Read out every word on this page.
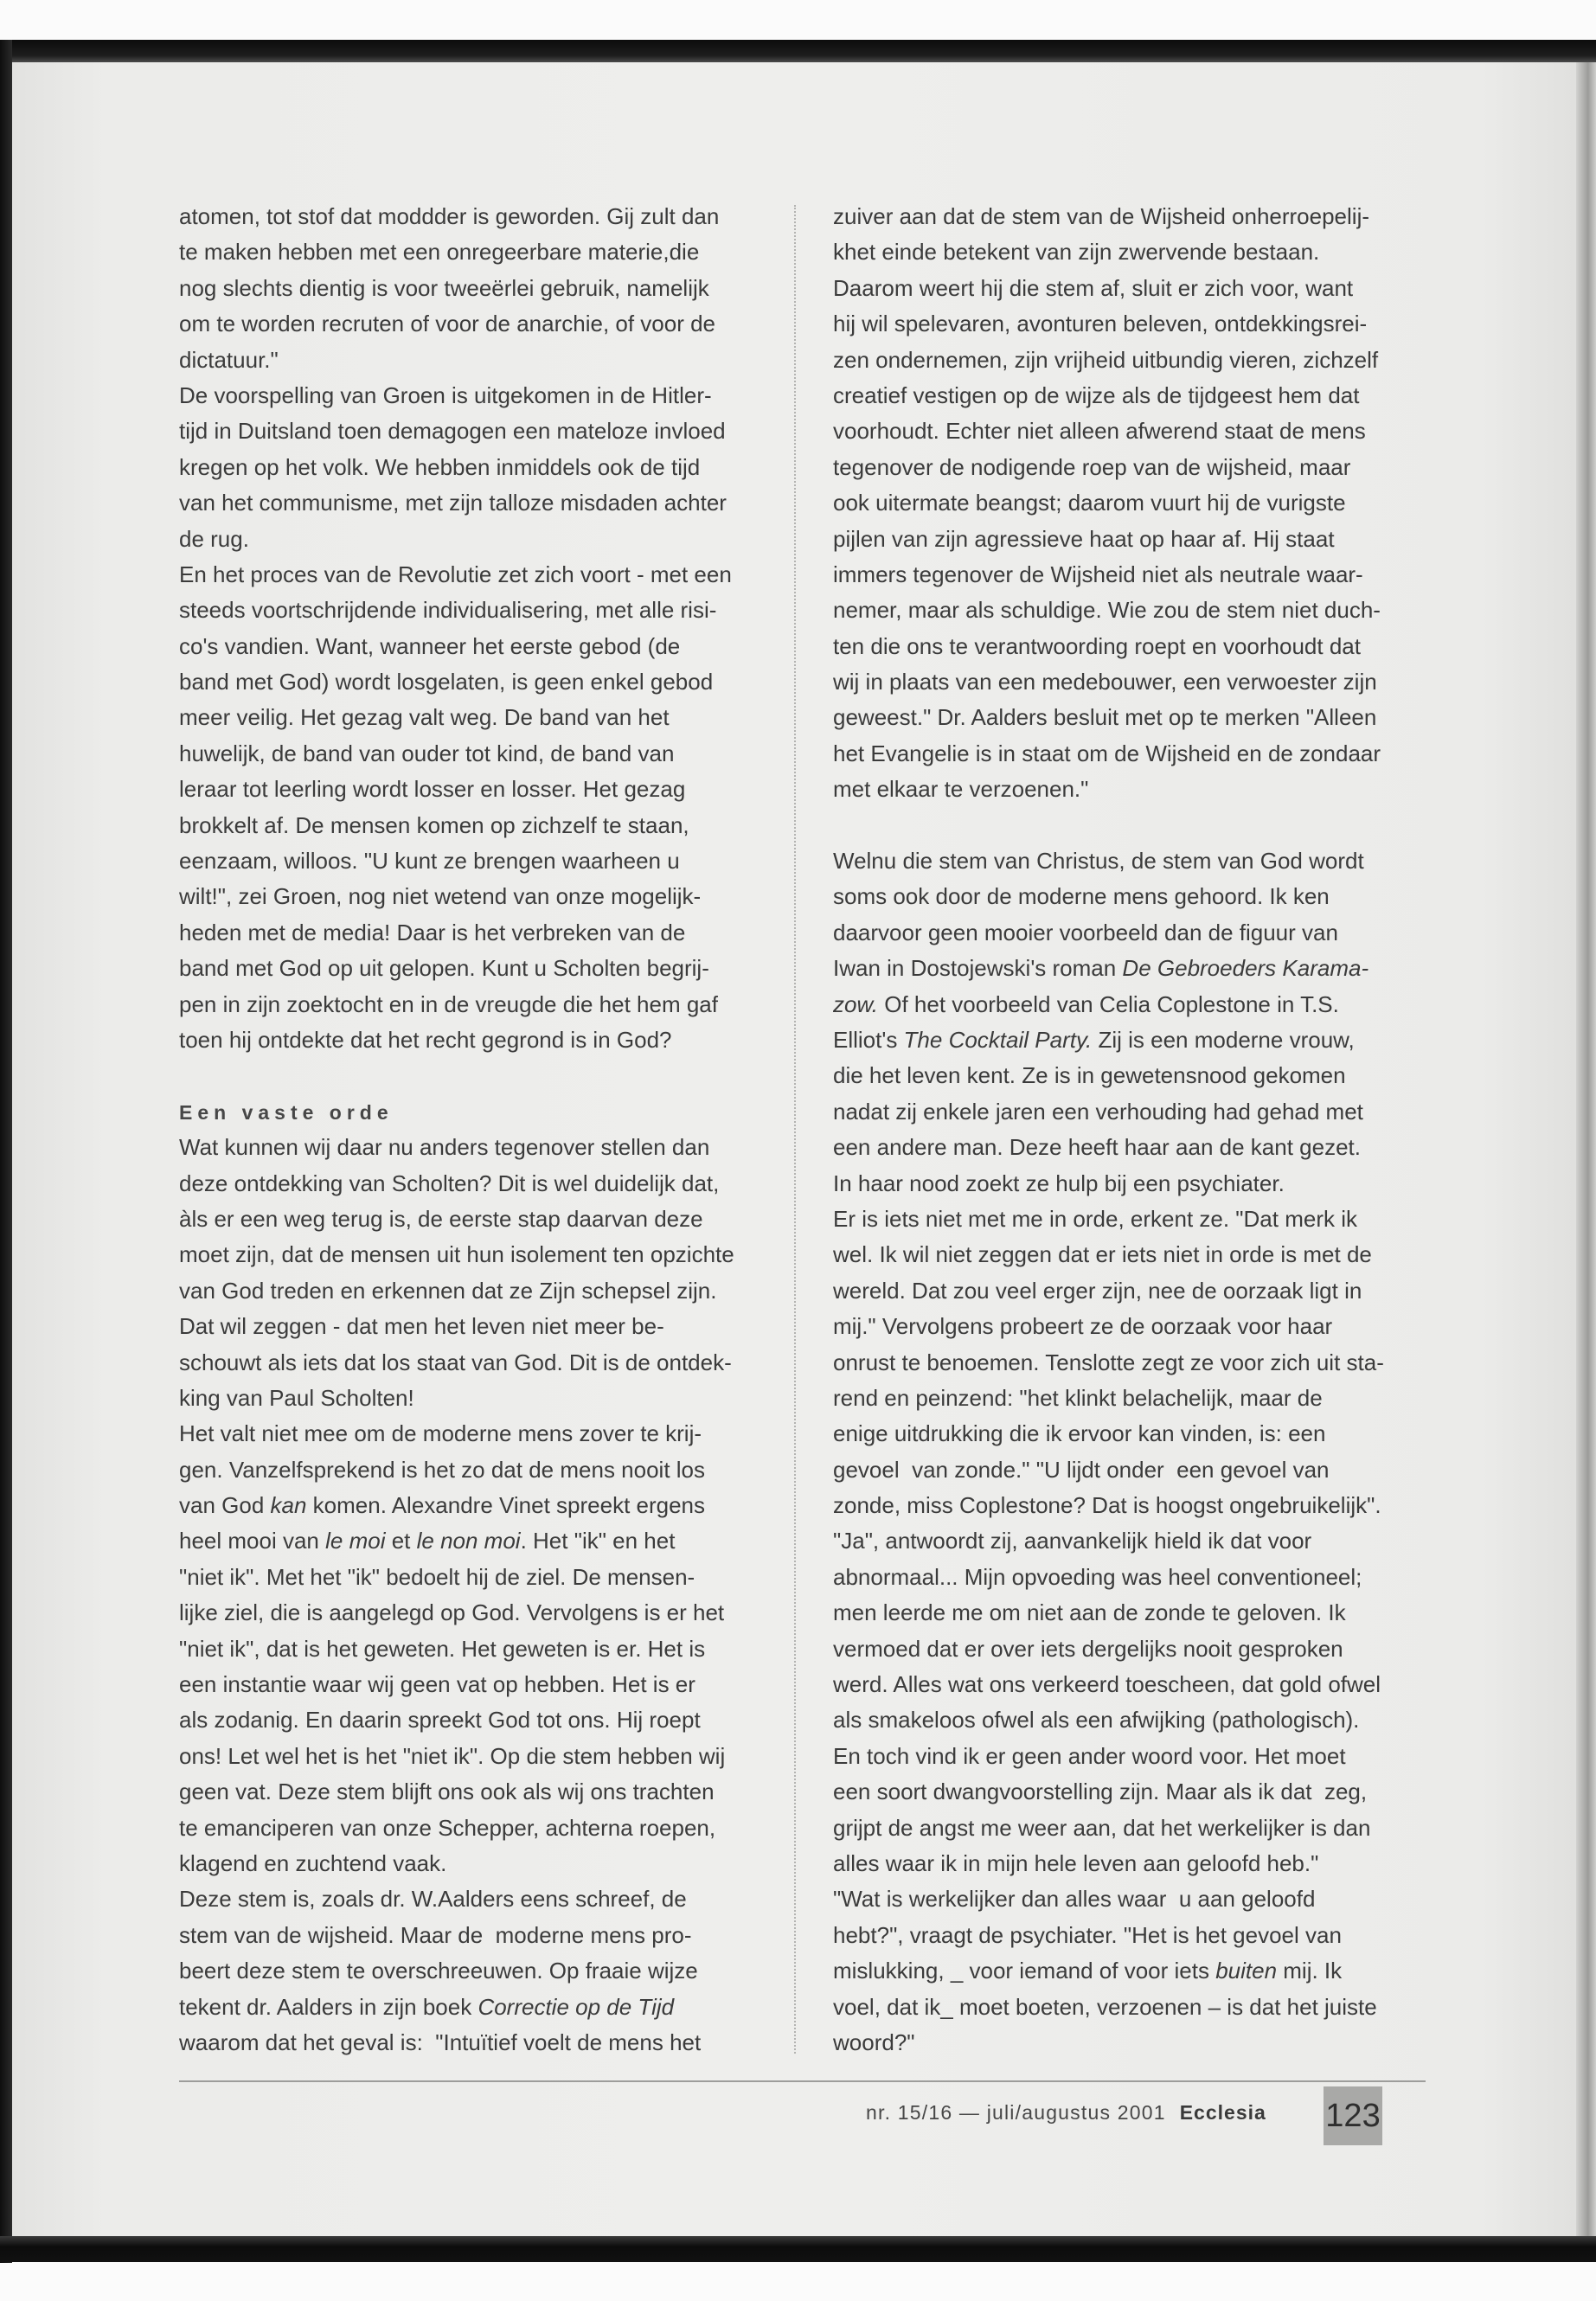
atomen, tot stof dat moddder is geworden. Gij zult dan
te maken hebben met een onregeerbare materie,die
nog slechts dientig is voor tweeërlei gebruik, namelijk
om te worden recruten of voor de anarchie, of voor de
dictatuur."
De voorspelling van Groen is uitgekomen in de Hitler-
tijd in Duitsland toen demagogen een mateloze invloed
kregen op het volk. We hebben inmiddels ook de tijd
van het communisme, met zijn talloze misdaden achter
de rug.
En het proces van de Revolutie zet zich voort - met een
steeds voortschrijdende individualisering, met alle risi-
co's vandien. Want, wanneer het eerste gebod (de
band met God) wordt losgelaten, is geen enkel gebod
meer veilig. Het gezag valt weg. De band van het
huwelijk, de band van ouder tot kind, de band van
leraar tot leerling wordt losser en losser. Het gezag
brokkelt af. De mensen komen op zichzelf te staan,
eenzaam, willoos. "U kunt ze brengen waarheen u
wilt!", zei Groen, nog niet wetend van onze mogelijk-
heden met de media! Daar is het verbreken van de
band met God op uit gelopen. Kunt u Scholten begrij-
pen in zijn zoektocht en in de vreugde die het hem gaf
toen hij ontdekte dat het recht gegrond is in God?
Een vaste orde
Wat kunnen wij daar nu anders tegenover stellen dan
deze ontdekking van Scholten? Dit is wel duidelijk dat,
àls er een weg terug is, de eerste stap daarvan deze
moet zijn, dat de mensen uit hun isolement ten opzichte
van God treden en erkennen dat ze Zijn schepsel zijn.
Dat wil zeggen - dat men het leven niet meer be-
schouwt als iets dat los staat van God. Dit is de ontdek-
king van Paul Scholten!
Het valt niet mee om de moderne mens zover te krij-
gen. Vanzelfsprekend is het zo dat de mens nooit los
van God kan komen. Alexandre Vinet spreekt ergens
heel mooi van le moi et le non moi. Het "ik" en het
"niet ik". Met het "ik" bedoelt hij de ziel. De mensen-
lijke ziel, die is aangelegd op God. Vervolgens is er het
"niet ik", dat is het geweten. Het geweten is er. Het is
een instantie waar wij geen vat op hebben. Het is er
als zodanig. En daarin spreekt God tot ons. Hij roept
ons! Let wel het is het "niet ik". Op die stem hebben wij
geen vat. Deze stem blijft ons ook als wij ons trachten
te emanciperen van onze Schepper, achterna roepen,
klagend en zuchtend vaak.
Deze stem is, zoals dr. W.Aalders eens schreef, de
stem van de wijsheid. Maar de  moderne mens pro-
beert deze stem te overschreeuwen. Op fraaie wijze
tekent dr. Aalders in zijn boek Correctie op de Tijd
waarom dat het geval is:  "Intuïtief voelt de mens het
zuiver aan dat de stem van de Wijsheid onherroepelij-
khet einde betekent van zijn zwervende bestaan.
Daarom weert hij die stem af, sluit er zich voor, want
hij wil spelevaren, avonturen beleven, ontdekkingsrei-
zen ondernemen, zijn vrijheid uitbundig vieren, zichzelf
creatief vestigen op de wijze als de tijdgeest hem dat
voorhoudt. Echter niet alleen afwerend staat de mens
tegenover de nodigende roep van de wijsheid, maar
ook uitermate beangst; daarom vuurt hij de vurigste
pijlen van zijn agressieve haat op haar af. Hij staat
immers tegenover de Wijsheid niet als neutrale waar-
nemer, maar als schuldige. Wie zou de stem niet duch-
ten die ons te verantwoording roept en voorhoudt dat
wij in plaats van een medebouwer, een verwoester zijn
geweest." Dr. Aalders besluit met op te merken "Alleen
het Evangelie is in staat om de Wijsheid en de zondaar
met elkaar te verzoenen."
Welnu die stem van Christus, de stem van God wordt
soms ook door de moderne mens gehoord. Ik ken
daarvoor geen mooier voorbeeld dan de figuur van
Iwan in Dostojewski's roman De Gebroeders Karama-
zow. Of het voorbeeld van Celia Coplestone in T.S.
Elliot's The Cocktail Party. Zij is een moderne vrouw,
die het leven kent. Ze is in gewetensnood gekomen
nadat zij enkele jaren een verhouding had gehad met
een andere man. Deze heeft haar aan de kant gezet.
In haar nood zoekt ze hulp bij een psychiater.
Er is iets niet met me in orde, erkent ze. "Dat merk ik
wel. Ik wil niet zeggen dat er iets niet in orde is met de
wereld. Dat zou veel erger zijn, nee de oorzaak ligt in
mij." Vervolgens probeert ze de oorzaak voor haar
onrust te benoemen. Tenslotte zegt ze voor zich uit sta-
rend en peinzend: "het klinkt belachelijk, maar de
enige uitdrukking die ik ervoor kan vinden, is: een
gevoel  van zonde." "U lijdt onder  een gevoel van
zonde, miss Coplestone? Dat is hoogst ongebruikelijk".
"Ja", antwoordt zij, aanvankelijk hield ik dat voor
abnormaal... Mijn opvoeding was heel conventioneel;
men leerde me om niet aan de zonde te geloven. Ik
vermoed dat er over iets dergelijks nooit gesproken
werd. Alles wat ons verkeerd toescheen, dat gold ofwel
als smakeloos ofwel als een afwijking (pathologisch).
En toch vind ik er geen ander woord voor. Het moet
een soort dwangvoorstelling zijn. Maar als ik dat  zeg,
grijpt de angst me weer aan, dat het werkelijker is dan
alles waar ik in mijn hele leven aan geloofd heb."
"Wat is werkelijker dan alles waar  u aan geloofd
hebt?", vraagt de psychiater. "Het is het gevoel van
mislukking, _ voor iemand of voor iets buiten mij. Ik
voel, dat ik_ moet boeten, verzoenen – is dat het juiste
woord?"
nr. 15/16 — juli/augustus 2001 Ecclesia 123
